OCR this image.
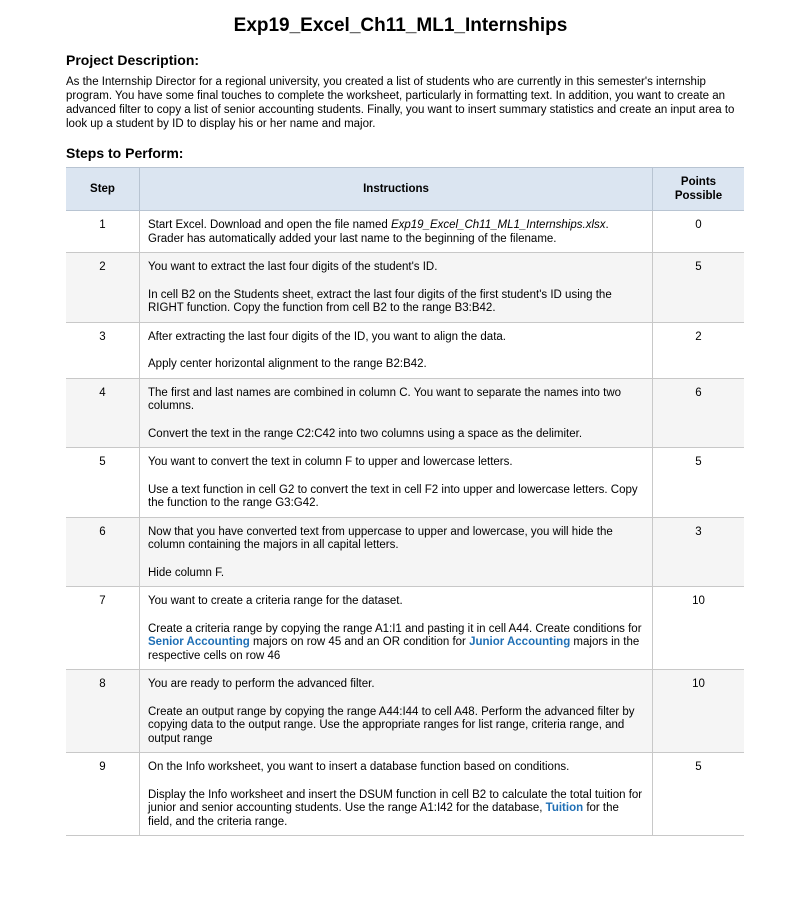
Exp19_Excel_Ch11_ML1_Internships
Project Description:
As the Internship Director for a regional university, you created a list of students who are currently in this semester's internship program. You have some final touches to complete the worksheet, particularly in formatting text. In addition, you want to create an advanced filter to copy a list of senior accounting students. Finally, you want to insert summary statistics and create an input area to look up a student by ID to display his or her name and major.
Steps to Perform:
Step	Instructions	Points
Possible
1	Start Excel. Download and open the file named Exp19_Excel_Ch11_ML1_Internships.xlsx. Grader has automatically added your last name to the beginning of the filename.	0
2	You want to extract the last four digits of the student's ID.
In cell B2 on the Students sheet, extract the last four digits of the first student's ID using the RIGHT function. Copy the function from cell B2 to the range B3:B42.	5
3	After extracting the last four digits of the ID, you want to align the data.
Apply center horizontal alignment to the range B2:B42.	2
4	The first and last names are combined in column C. You want to separate the names into two columns.
Convert the text in the range C2:C42 into two columns using a space as the delimiter.	6
5	You want to convert the text in column F to upper and lowercase letters.
Use a text function in cell G2 to convert the text in cell F2 into upper and lowercase letters. Copy the function to the range G3:G42.	5
6	Now that you have converted text from uppercase to upper and lowercase, you will hide the column containing the majors in all capital letters.
Hide column F.	3
7	You want to create a criteria range for the dataset.
Create a criteria range by copying the range A1:I1 and pasting it in cell A44. Create conditions for Senior Accounting majors on row 45 and an OR condition for Junior Accounting majors in the respective cells on row 46	10
8	You are ready to perform the advanced filter.
Create an output range by copying the range A44:I44 to cell A48. Perform the advanced filter by copying data to the output range. Use the appropriate ranges for list range, criteria range, and output range	10
9	On the Info worksheet, you want to insert a database function based on conditions.
Display the Info worksheet and insert the DSUM function in cell B2 to calculate the total tuition for junior and senior accounting students. Use the range A1:I42 for the database, Tuition for the field, and the criteria range.	5
